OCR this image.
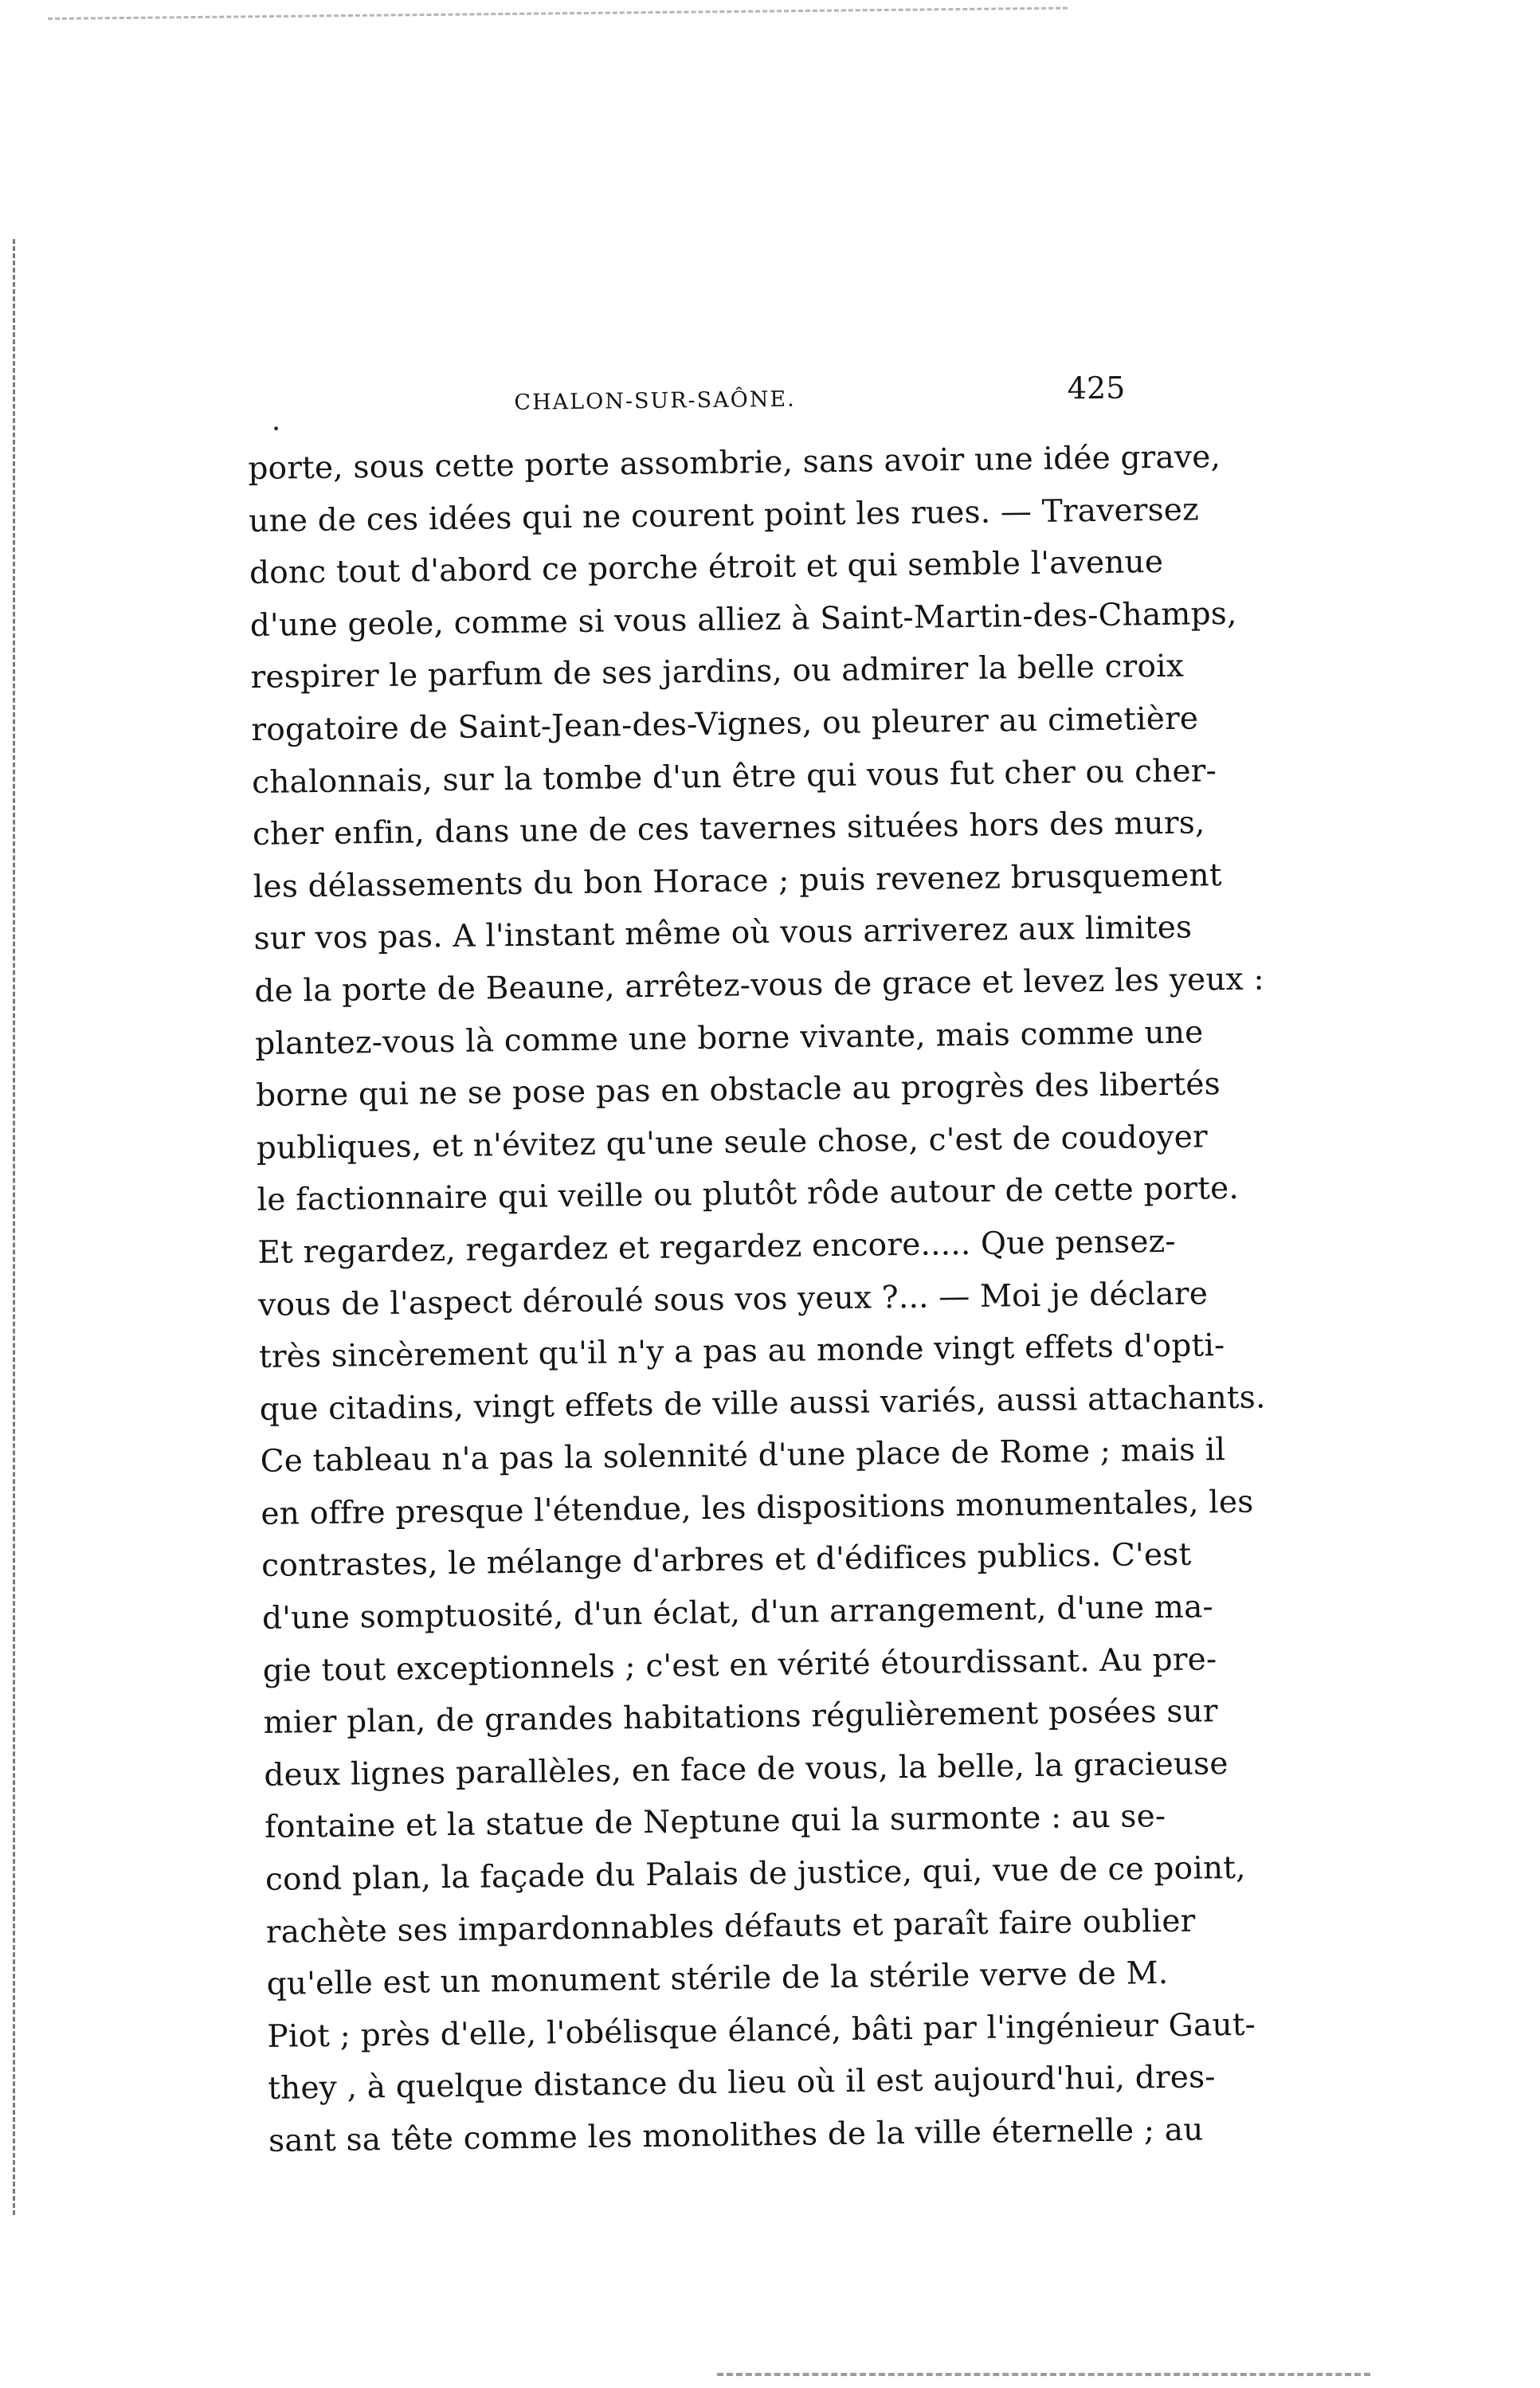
.
CHALON-SUR-SAÔNE.	425
porte, sous cette porte assombrie, sans avoir une idée grave,
une de ces idées qui ne courent point les rues. — Traversez
donc tout d'abord ce porche étroit et qui semble l'avenue
d'une geole, comme si vous alliez à Saint-Martin-des-Champs,
respirer le parfum de ses jardins, ou admirer la belle croix
rogatoire de Saint-Jean-des-Vignes, ou pleurer au cimetière
chalonnais, sur la tombe d'un être qui vous fut cher ou cher-
cher enfin, dans une de ces tavernes situées hors des murs,
les délassements du bon Horace ; puis revenez brusquement
sur vos pas. A l'instant même où vous arriverez aux limites
de la porte de Beaune, arrêtez-vous de grace et levez les yeux :
plantez-vous là comme une borne vivante, mais comme une
borne qui ne se pose pas en obstacle au progrès des libertés
publiques, et n'évitez qu'une seule chose, c'est de coudoyer
le factionnaire qui veille ou plutôt rôde autour de cette porte.
Et regardez, regardez et regardez encore..... Que pensez-
vous de l'aspect déroulé sous vos yeux ?... — Moi je déclare
très sincèrement qu'il n'y a pas au monde vingt effets d'opti-
que citadins, vingt effets de ville aussi variés, aussi attachants.
Ce tableau n'a pas la solennité d'une place de Rome ; mais il
en offre presque l'étendue, les dispositions monumentales, les
contrastes, le mélange d'arbres et d'édifices publics. C'est
d'une somptuosité, d'un éclat, d'un arrangement, d'une ma-
gie tout exceptionnels ; c'est en vérité étourdissant. Au pre-
mier plan, de grandes habitations régulièrement posées sur
deux lignes parallèles, en face de vous, la belle, la gracieuse
fontaine et la statue de Neptune qui la surmonte : au se-
cond plan, la façade du Palais de justice, qui, vue de ce point,
rachète ses impardonnables défauts et paraît faire oublier
qu'elle est un monument stérile de la stérile verve de M.
Piot ; près d'elle, l'obélisque élancé, bâti par l'ingénieur Gaut-
they , à quelque distance du lieu où il est aujourd'hui, dres-
sant sa tête comme les monolithes de la ville éternelle ; au
